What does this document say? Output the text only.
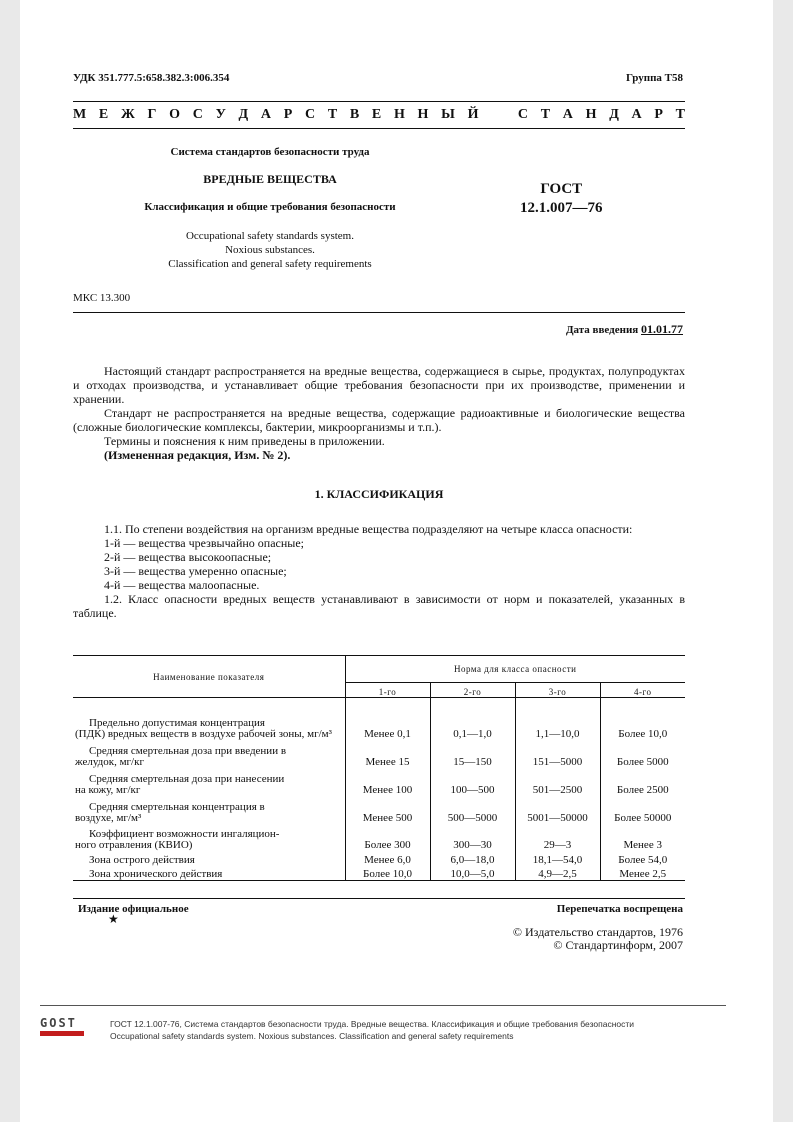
УДК 351.777.5:658.382.3:006.354	Группа Т58
М Е Ж Г О С У Д А Р С Т В Е Н Н Ы Й	С Т А Н Д А Р Т
Система стандартов безопасности труда
ВРЕДНЫЕ ВЕЩЕСТВА
Классификация и общие требования безопасности
Occupational safety standards system.
Noxious substances.
Classification and general safety requirements
ГОСТ
12.1.007—76
МКС 13.300
Дата введения 01.01.77

Настоящий стандарт распространяется на вредные вещества, содержащиеся в сырье, продуктах, полупродуктах и отходах производства, и устанавливает общие требования безопасности при их производстве, применении и хранении.

Стандарт не распространяется на вредные вещества, содержащие радиоактивные и биологические вещества (сложные биологические комплексы, бактерии, микроорганизмы и т.п.).

Термины и пояснения к ним приведены в приложении.

(Измененная редакция, Изм. № 2).

1. КЛАССИФИКАЦИЯ

1.1. По степени воздействия на организм вредные вещества подразделяют на четыре класса опасности:

1-й — вещества чрезвычайно опасные;

2-й — вещества высокоопасные;

3-й — вещества умеренно опасные;

4-й — вещества малоопасные.

1.2. Класс опасности вредных веществ устанавливают в зависимости от норм и показателей, указанных в таблице.

Наименование показателя	Норма для класса опасности			
	1-го	2-го	3-го	4-го

Предельно допустимая концентрация
(ПДК) вредных веществ в воздухе рабочей зоны, мг/м³	Менее 0,1	0,1—1,0	1,1—10,0	Более 10,0

Средняя смертельная доза при введении в
желудок, мг/кг	Менее 15	15—150	151—5000	Более 5000

Средняя смертельная доза при нанесении
на кожу, мг/кг	Менее 100	100—500	501—2500	Более 2500

Средняя смертельная концентрация в
воздухе, мг/м³	Менее 500	500—5000	5001—50000	Более 50000

Коэффициент возможности ингаляцион-
ного отравления (КВИО)	Более 300	300—30	29—3	Менее 3

Зона острого действия	Менее 6,0	6,0—18,0	18,1—54,0	Более 54,0

Зона хронического действия	Более 10,0	10,0—5,0	4,9—2,5	Менее 2,5
Издание официальное
★
Перепечатка воспрещена
© Издательство стандартов, 1976
© Стандартинформ, 2007
GOST	ГОСТ 12.1.007-76, Система стандартов безопасности труда. Вредные вещества. Классификация и общие требования безопасности
Occupational safety standards system. Noxious substances. Classification and general safety requirements
